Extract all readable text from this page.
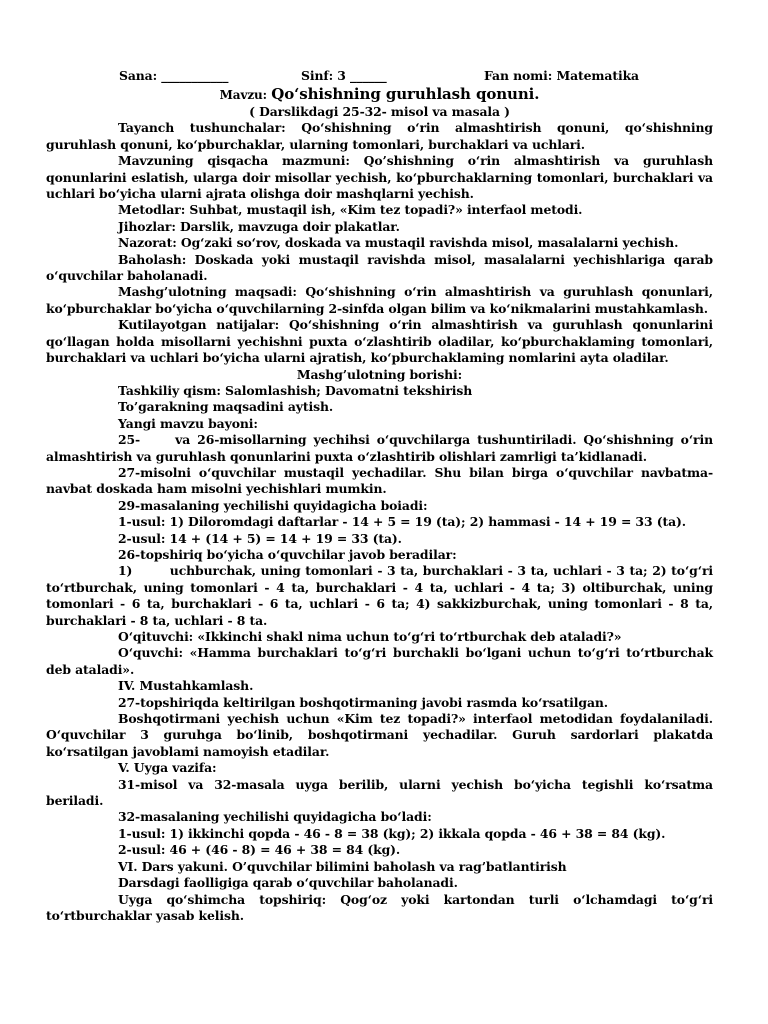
Sana: ___________	Sinf: 3 ______	Fan nomi: Matematika
Mavzu: Qo‘shishning guruhlash qonuni.
( Darslikdagi 25-32- misol va masala )

Tayanch tushunchalar: Qo‘shishning o‘rin almashtirish qonuni, qo‘shishning guruhlash qonuni, ko‘pburchaklar, ularning tomonlari, burchaklari va uchlari.

Mavzuning qisqacha mazmuni: Qo’shishning o‘rin almashtirish va guruhlash qonunlarini eslatish, ularga doir misollar yechish, ko‘pburchaklarning tomonlari, burchaklari va uchlari bo‘yicha ularni ajrata olishga doir mashqlarni yechish.

Metodlar: Suhbat, mustaqil ish, «Kim tez topadi?» interfaol metodi.

Jihozlar: Darslik, mavzuga doir plakatlar.

Nazorat: Og‘zaki so‘rov, doskada va mustaqil ravishda misol, masalalarni yechish.

Baholash: Doskada yoki mustaqil ravishda misol, masalalarni yechishlariga qarab o‘quvchilar baholanadi.

Mashg’ulotning maqsadi: Qo‘shishning o‘rin almashtirish va guruhlash qonunlari, ko‘pburchaklar bo‘yicha o‘quvchilarning 2-sinfda olgan bilim va ko‘nikmalarini mustahkamlash.

Kutilayotgan natijalar: Qo‘shishning o‘rin almashtirish va guruhlash qonunlarini qo‘llagan holda misollarni yechishni puxta o‘zlashtirib oladilar, ko‘pburchaklaming tomonlari, burchaklari va uchlari bo‘yicha ularni ajratish, ko‘pburchaklaming nomlarini ayta oladilar.

Mashg’ulotning borishi:

Tashkiliy qism: Salomlashish; Davomatni tekshirish

To’garakning maqsadini aytish.

Yangi mavzu bayoni:

25-     va 26-misollarning yechihsi o‘quvchilarga tushuntiriladi. Qo‘shishning o‘rin almashtirish va guruhlash qonunlarini puxta o‘zlashtirib olishlari zamrligi ta’kidlanadi.

27-misolni o‘quvchilar mustaqil yechadilar. Shu bilan birga o‘quvchilar navbatma-navbat doskada ham misolni yechishlari mumkin.

29-masalaning yechilishi quyidagicha boiadi:

1-usul: 1) Diloromdagi daftarlar - 14 + 5 = 19 (ta); 2) hammasi - 14 + 19 = 33 (ta).

2-usul: 14 + (14 + 5) = 14 + 19 = 33 (ta).

26-topshiriq bo‘yicha o‘quvchilar javob beradilar:

1)        uchburchak, uning tomonlari - 3 ta, burchaklari - 3 ta, uchlari - 3 ta; 2) to‘g‘ri to‘rtburchak, uning tomonlari - 4 ta, burchaklari - 4 ta, uchlari - 4 ta; 3) oltiburchak, uning tomonlari - 6 ta, burchaklari - 6 ta, uchlari - 6 ta; 4) sakkizburchak, uning tomonlari - 8 ta, burchaklari - 8 ta, uchlari - 8 ta.

O‘qituvchi: «Ikkinchi shakl nima uchun to‘g‘ri to‘rtburchak deb ataladi?»

O‘quvchi: «Hamma burchaklari to‘g‘ri burchakli bo‘lgani uchun to‘g‘ri to‘rtburchak deb ataladi».

IV. Mustahkamlash.

27-topshiriqda keltirilgan boshqotirmaning javobi rasmda ko‘rsatilgan.

Boshqotirmani yechish uchun «Kim tez topadi?» interfaol metodidan foydalaniladi. O‘quvchilar 3 guruhga bo‘linib, boshqotirmani yechadilar. Guruh sardorlari plakatda ko‘rsatilgan javoblami namoyish etadilar.

V. Uyga vazifa:

31-misol va 32-masala uyga berilib, ularni yechish bo‘yicha tegishli ko‘rsatma beriladi.

32-masalaning yechilishi quyidagicha bo‘ladi:

1-usul: 1) ikkinchi qopda - 46 - 8 = 38 (kg); 2) ikkala qopda - 46 + 38 = 84 (kg).

2-usul: 46 + (46 - 8) = 46 + 38 = 84 (kg).

VI. Dars yakuni. O’quvchilar bilimini baholash va rag’batlantirish

Darsdagi faolligiga qarab o‘quvchilar baholanadi.

Uyga qo‘shimcha topshiriq: Qog‘oz yoki kartondan turli o‘lchamdagi to‘g‘ri to‘rtburchaklar yasab kelish.
